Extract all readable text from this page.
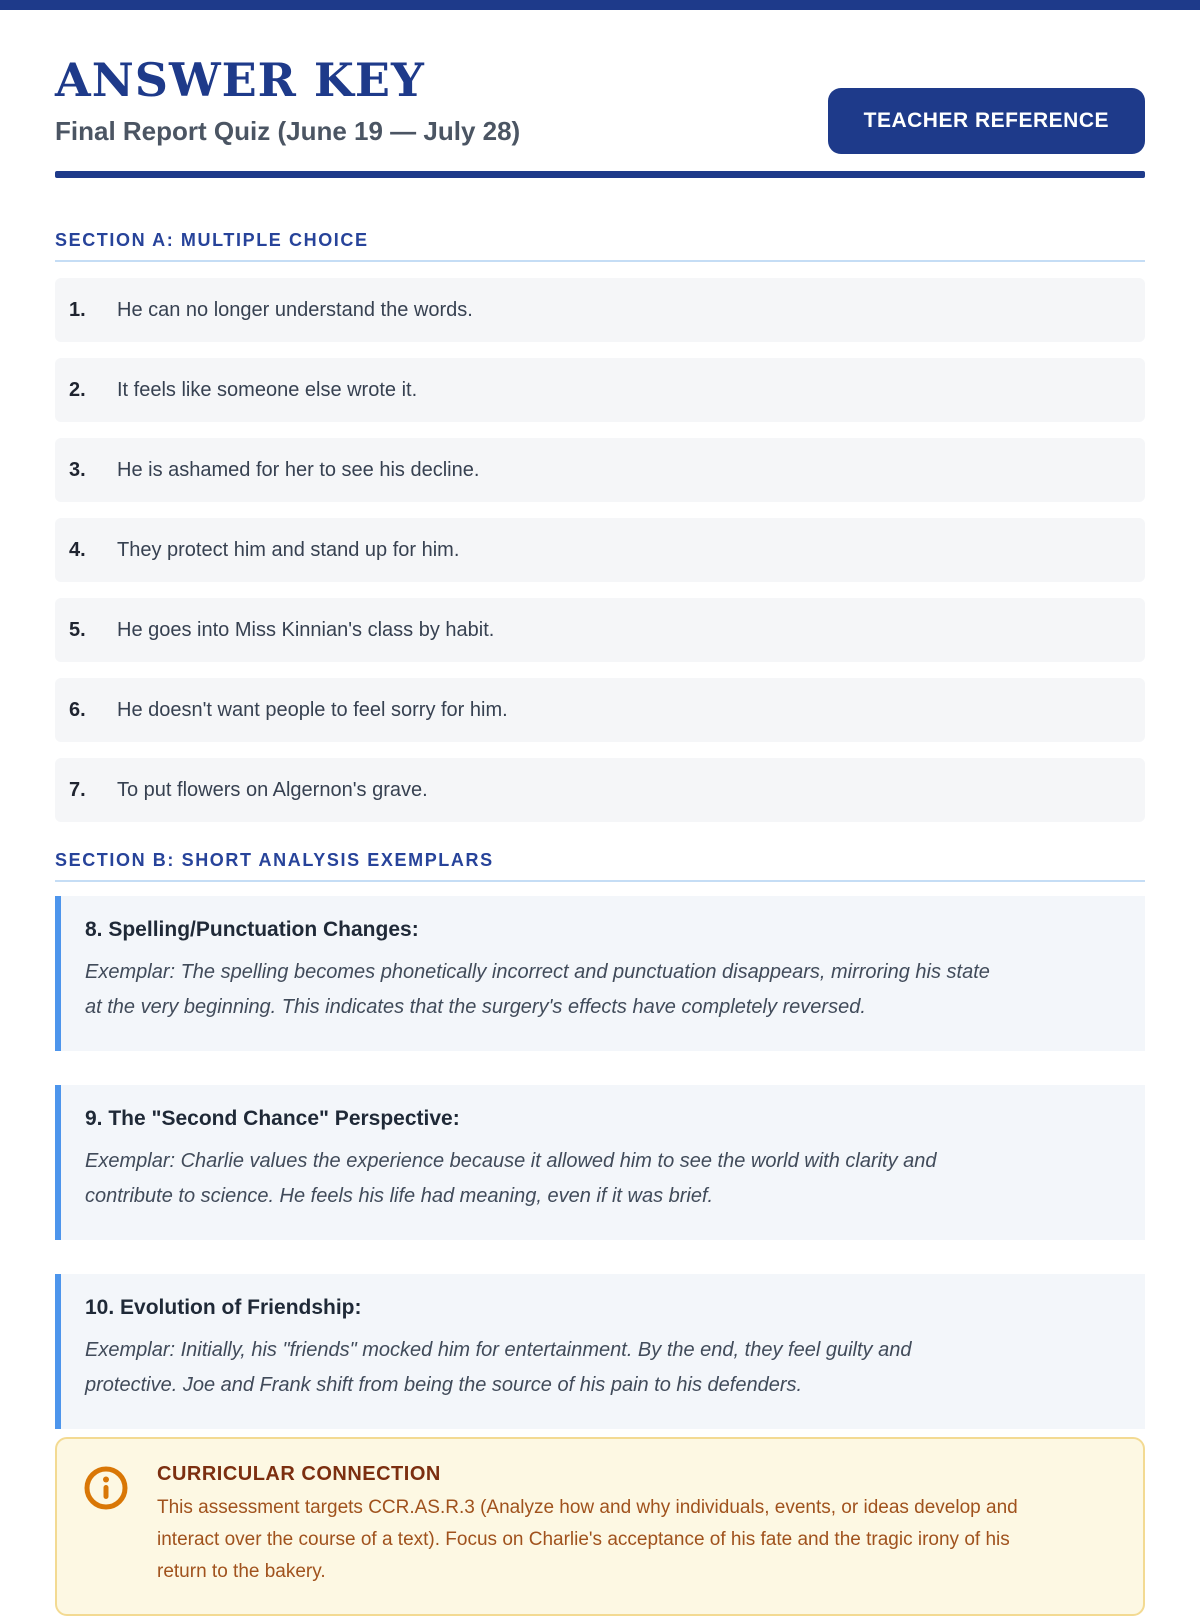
ANSWER KEY
Final Report Quiz (June 19 — July 28)	TEACHER REFERENCE
SECTION A: MULTIPLE CHOICE
1.	He can no longer understand the words.
2.	It feels like someone else wrote it.
3.	He is ashamed for her to see his decline.
4.	They protect him and stand up for him.
5.	He goes into Miss Kinnian's class by habit.
6.	He doesn't want people to feel sorry for him.
7.	To put flowers on Algernon's grave.
SECTION B: SHORT ANALYSIS EXEMPLARS
8. Spelling/Punctuation Changes:
Exemplar: The spelling becomes phonetically incorrect and punctuation disappears, mirroring his state at the very beginning. This indicates that the surgery's effects have completely reversed.
9. The "Second Chance" Perspective:
Exemplar: Charlie values the experience because it allowed him to see the world with clarity and contribute to science. He feels his life had meaning, even if it was brief.
10. Evolution of Friendship:
Exemplar: Initially, his "friends" mocked him for entertainment. By the end, they feel guilty and protective. Joe and Frank shift from being the source of his pain to his defenders.
CURRICULAR CONNECTION
This assessment targets CCR.AS.R.3 (Analyze how and why individuals, events, or ideas develop and interact over the course of a text). Focus on Charlie's acceptance of his fate and the tragic irony of his return to the bakery.
